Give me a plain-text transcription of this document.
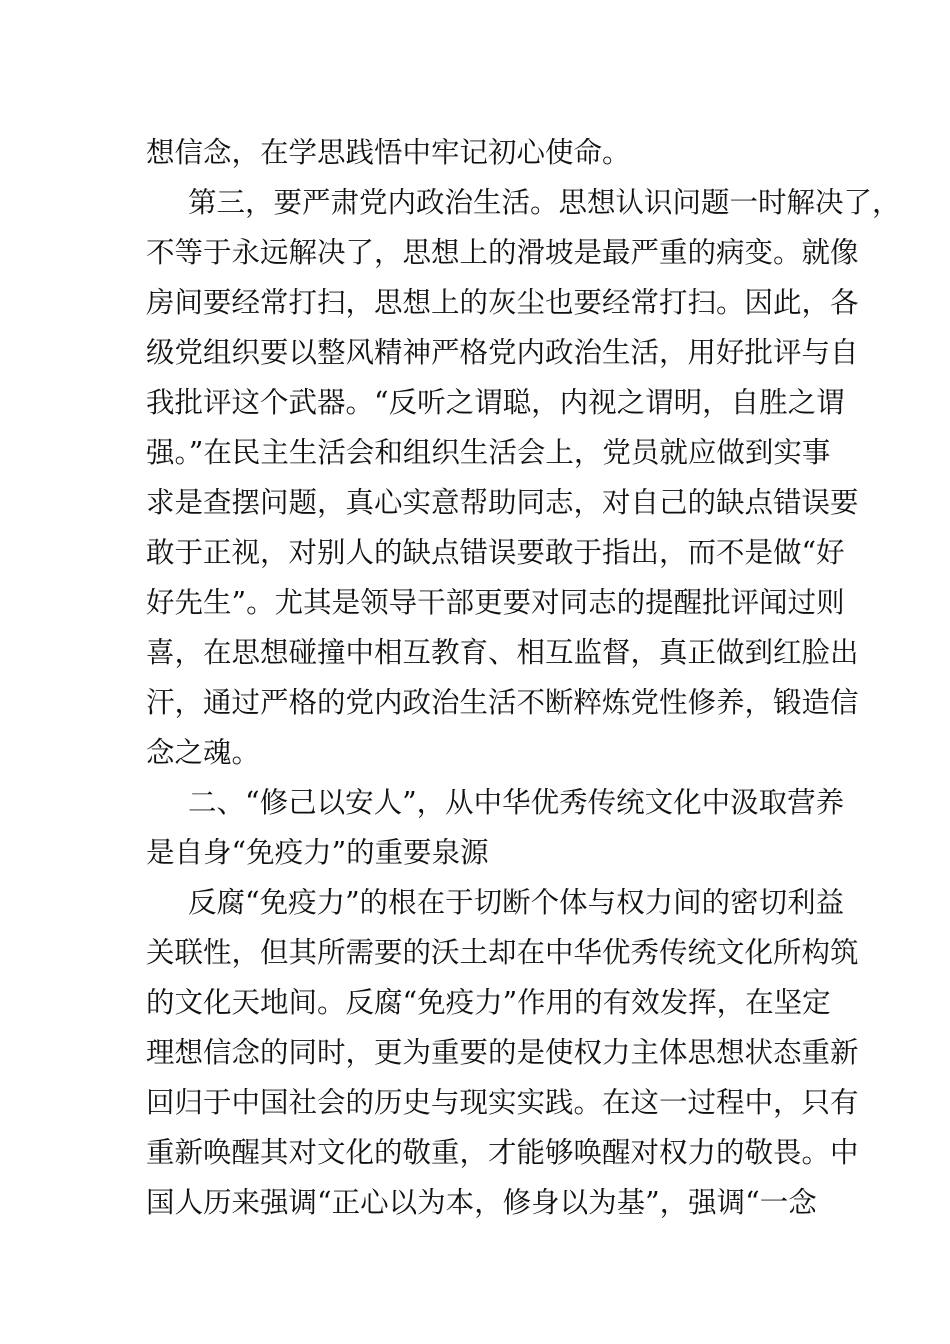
想信念，在学思践悟中牢记初心使命。
第三，要严肃党内政治生活。思想认识问题一时解决了，
不等于永远解决了，思想上的滑坡是最严重的病变。就像
房间要经常打扫，思想上的灰尘也要经常打扫。因此，各
级党组织要以整风精神严格党内政治生活，用好批评与自
我批评这个武器。“反听之谓聪，内视之谓明，自胜之谓
强。”在民主生活会和组织生活会上，党员就应做到实事
求是查摆问题，真心实意帮助同志，对自己的缺点错误要
敢于正视，对别人的缺点错误要敢于指出，而不是做“好
好先生”。尤其是领导干部更要对同志的提醒批评闻过则
喜，在思想碰撞中相互教育、相互监督，真正做到红脸出
汗，通过严格的党内政治生活不断粹炼党性修养，锻造信
念之魂。
二、“修己以安人”，从中华优秀传统文化中汲取营养
是自身“免疫力”的重要泉源
反腐“免疫力”的根在于切断个体与权力间的密切利益
关联性，但其所需要的沃土却在中华优秀传统文化所构筑
的文化天地间。反腐“免疫力”作用的有效发挥，在坚定
理想信念的同时，更为重要的是使权力主体思想状态重新
回归于中国社会的历史与现实实践。在这一过程中，只有
重新唤醒其对文化的敬重，才能够唤醒对权力的敬畏。中
国人历来强调“正心以为本，修身以为基”，强调“一念
